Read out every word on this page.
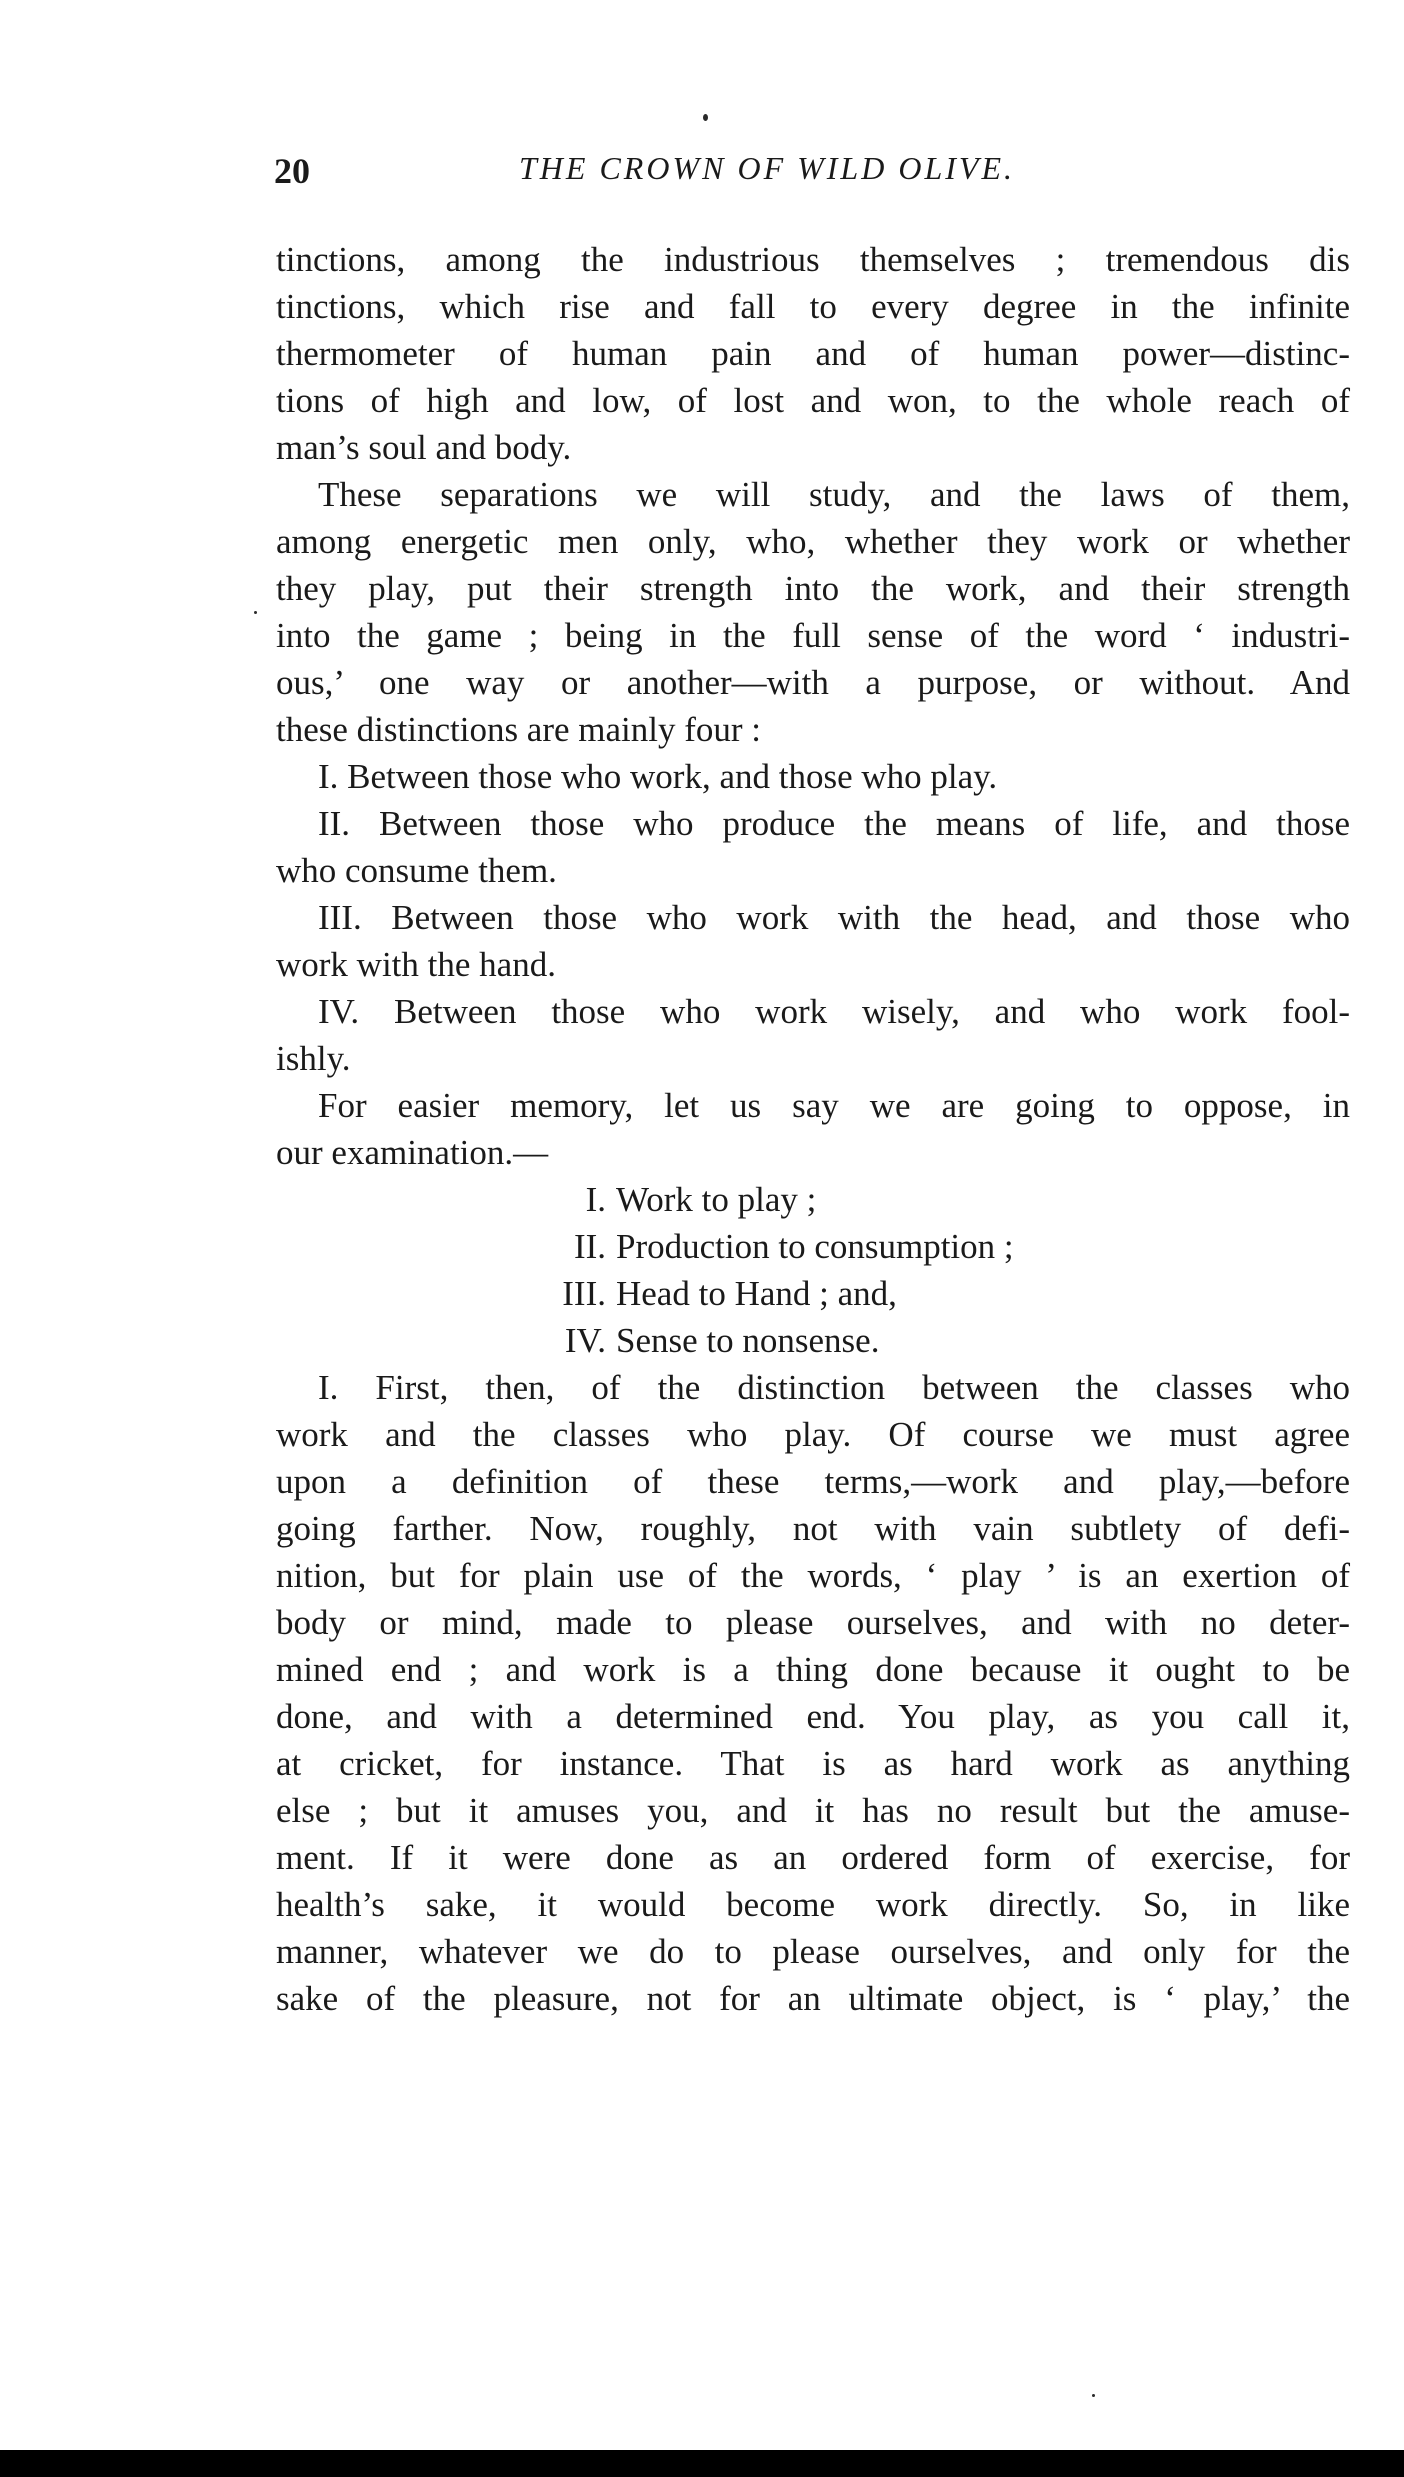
20	THE CROWN OF WILD OLIVE.
tinctions, among the industrious themselves ; tremendous dis
tinctions, which rise and fall to every degree in the infinite
thermometer of human pain and of human power—distinc-
tions of high and low, of lost and won, to the whole reach of
man’s soul and body.
These separations we will study, and the laws of them,
among energetic men only, who, whether they work or whether
they play, put their strength into the work, and their strength
into the game ; being in the full sense of the word ‘ industri-
ous,’ one way or another—with a purpose, or without. And
these distinctions are mainly four :
I. Between those who work, and those who play.
II. Between those who produce the means of life, and those
who consume them.
III. Between those who work with the head, and those who
work with the hand.
IV. Between those who work wisely, and who work fool-
ishly.
For easier memory, let us say we are going to oppose, in
our examination.—
I. Work to play ;
II. Production to consumption ;
III. Head to Hand ; and,
IV. Sense to nonsense.
I. First, then, of the distinction between the classes who
work and the classes who play. Of course we must agree
upon a definition of these terms,—work and play,—before
going farther. Now, roughly, not with vain subtlety of defi-
nition, but for plain use of the words, ‘ play ’ is an exertion of
body or mind, made to please ourselves, and with no deter-
mined end ; and work is a thing done because it ought to be
done, and with a determined end. You play, as you call it,
at cricket, for instance. That is as hard work as anything
else ; but it amuses you, and it has no result but the amuse-
ment. If it were done as an ordered form of exercise, for
health’s sake, it would become work directly. So, in like
manner, whatever we do to please ourselves, and only for the
sake of the pleasure, not for an ultimate object, is ‘ play,’ the
